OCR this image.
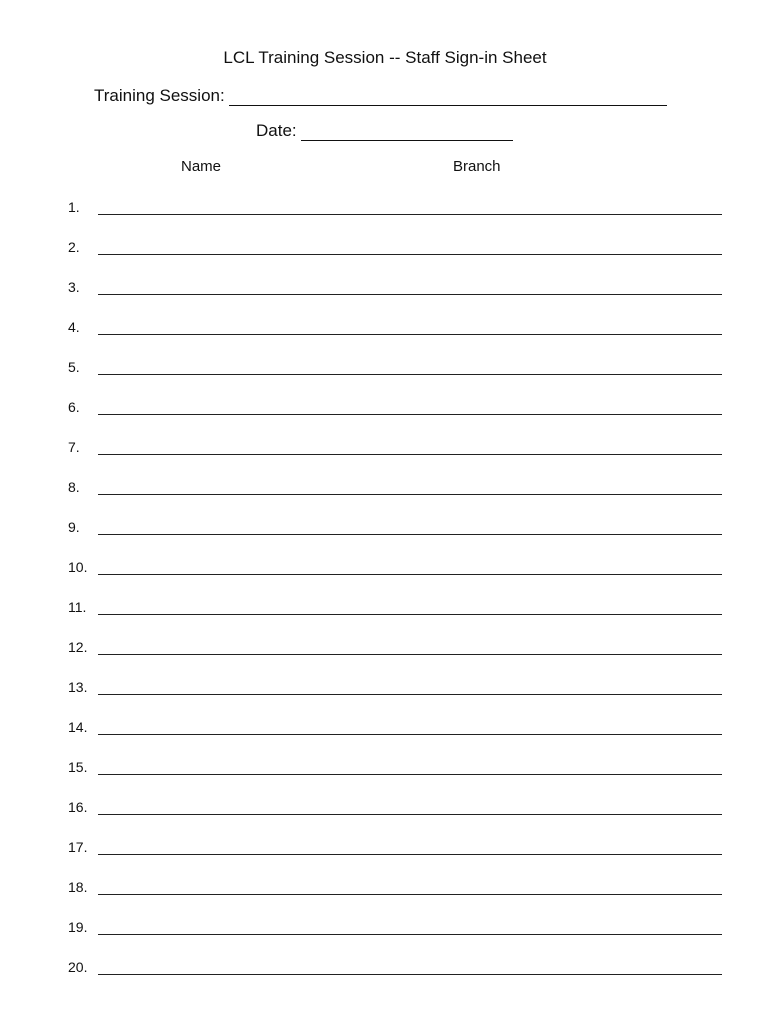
LCL Training Session -- Staff Sign-in Sheet
Training Session:
Date:
Name	Branch
1.
2.
3.
4.
5.
6.
7.
8.
9.
10.
11.
12.
13.
14.
15.
16.
17.
18.
19.
20.
